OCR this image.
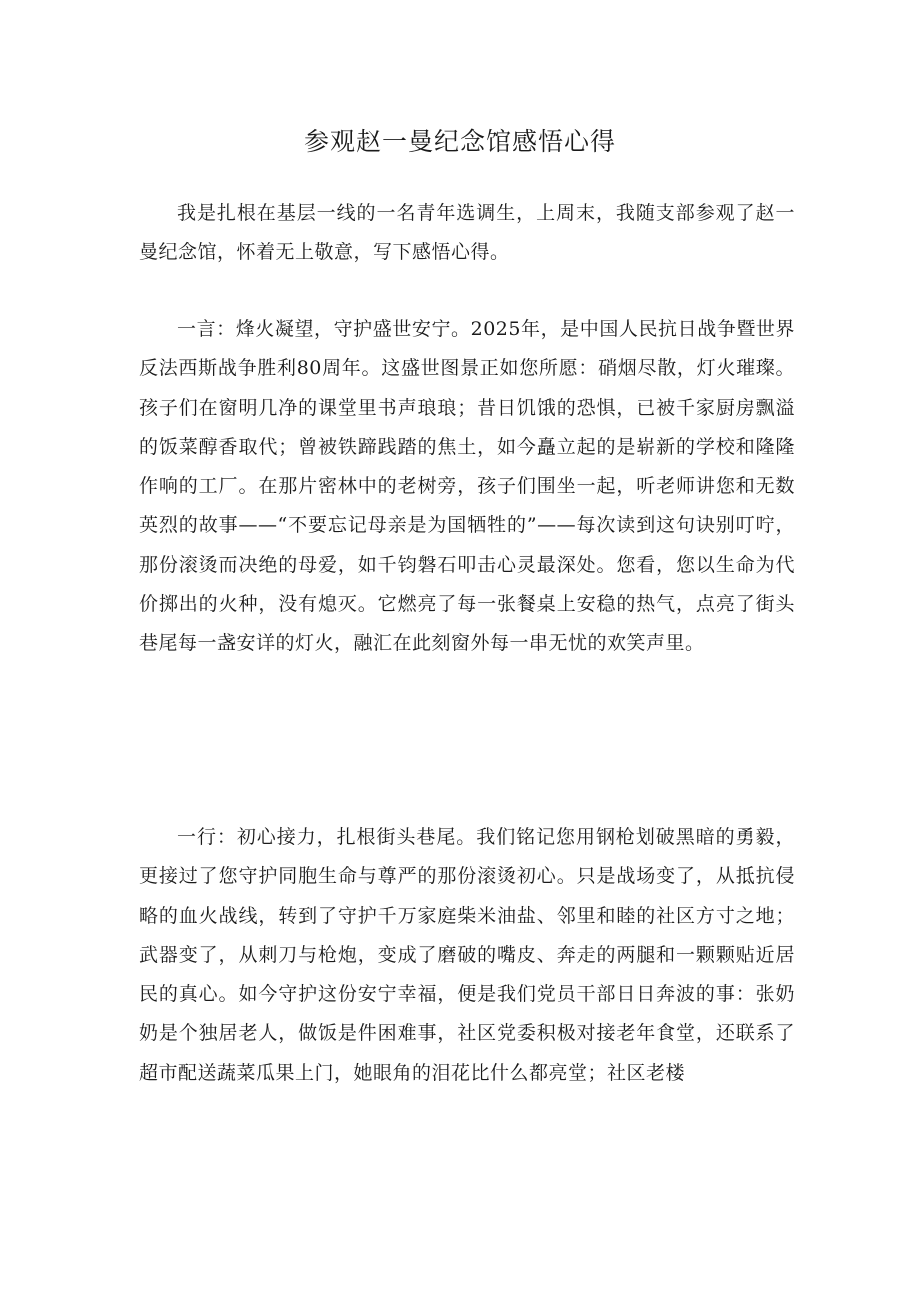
参观赵一曼纪念馆感悟心得

我是扎根在基层一线的一名青年选调生，上周末，我随支部参观了赵一曼纪念馆，怀着无上敬意，写下感悟心得。

一言：烽火凝望，守护盛世安宁。2025年，是中国人民抗日战争暨世界反法西斯战争胜利80周年。这盛世图景正如您所愿：硝烟尽散，灯火璀璨。孩子们在窗明几净的课堂里书声琅琅；昔日饥饿的恐惧，已被千家厨房飘溢的饭菜醇香取代；曾被铁蹄践踏的焦土，如今矗立起的是崭新的学校和隆隆作响的工厂。在那片密林中的老树旁，孩子们围坐一起，听老师讲您和无数英烈的故事——“不要忘记母亲是为国牺牲的”——每次读到这句诀别叮咛，那份滚烫而决绝的母爱，如千钧磐石叩击心灵最深处。您看，您以生命为代价掷出的火种，没有熄灭。它燃亮了每一张餐桌上安稳的热气，点亮了街头巷尾每一盏安详的灯火，融汇在此刻窗外每一串无忧的欢笑声里。

一行：初心接力，扎根街头巷尾。我们铭记您用钢枪划破黑暗的勇毅，更接过了您守护同胞生命与尊严的那份滚烫初心。只是战场变了，从抵抗侵略的血火战线，转到了守护千万家庭柴米油盐、邻里和睦的社区方寸之地；武器变了，从刺刀与枪炮，变成了磨破的嘴皮、奔走的两腿和一颗颗贴近居民的真心。如今守护这份安宁幸福，便是我们党员干部日日奔波的事：张奶奶是个独居老人，做饭是件困难事，社区党委积极对接老年食堂，还联系了超市配送蔬菜瓜果上门，她眼角的泪花比什么都亮堂；社区老楼
